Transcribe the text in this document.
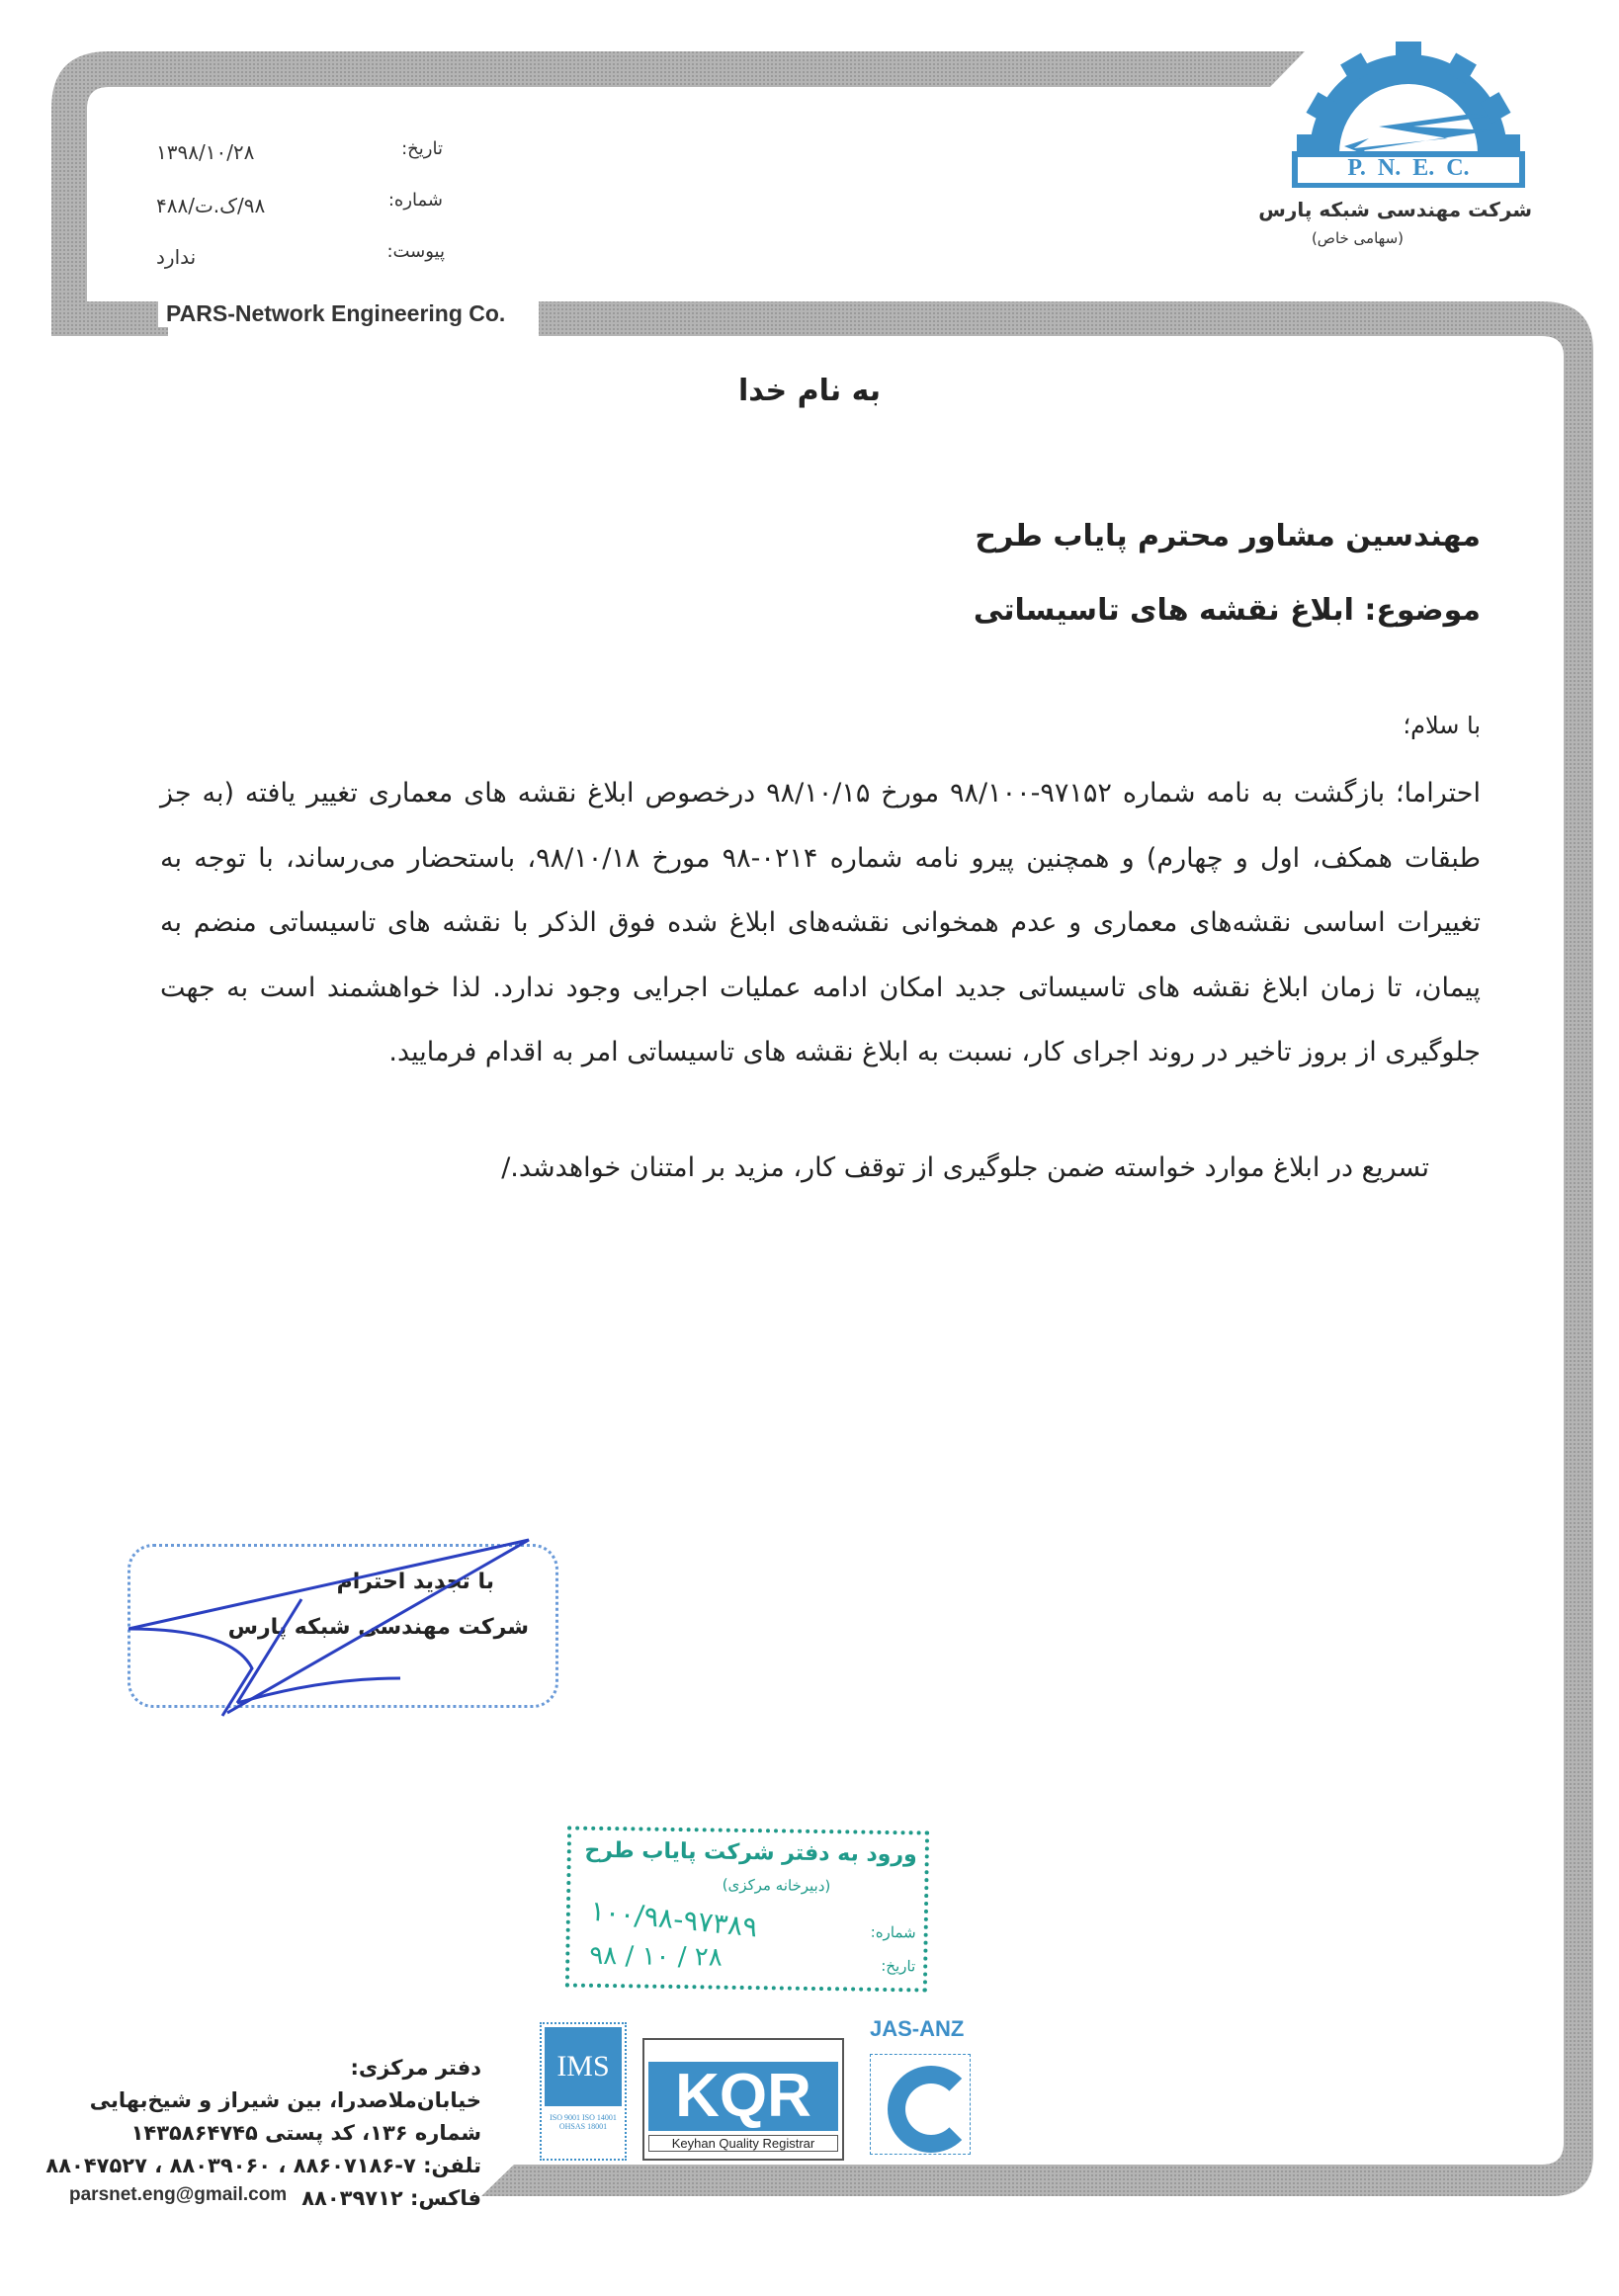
تاریخ:
۱۳۹۸/۱۰/۲۸
شماره:
۹۸/ک.ت/۴۸۸
پیوست:
ندارد
PARS-Network Engineering Co.
P.  N.  E.  C.
شرکت مهندسی شبکه پارس
(سهامی خاص)
به نام خدا
مهندسین مشاور محترم پایاب طرح
موضوع: ابلاغ نقشه های تاسیساتی
با سلام؛
احتراما؛ بازگشت به نامه شماره ۹۷۱۵۲-۹۸/۱۰۰ مورخ ۹۸/۱۰/۱۵ درخصوص ابلاغ نقشه های معماری تغییر یافته (به جز طبقات همکف، اول و چهارم) و همچنین پیرو نامه شماره ۰۲۱۴-۹۸ مورخ ۹۸/۱۰/۱۸، باستحضار می‌رساند، با توجه به تغییرات اساسی نقشه‌های معماری و عدم همخوانی نقشه‌های ابلاغ شده فوق الذکر با نقشه های تاسیساتی منضم به پیمان، تا زمان ابلاغ نقشه های تاسیساتی جدید امکان ادامه عملیات اجرایی وجود ندارد. لذا خواهشمند است به جهت جلوگیری از بروز تاخیر در روند اجرای کار، نسبت به ابلاغ نقشه های تاسیساتی امر به اقدام فرمایید.
تسریع در ابلاغ موارد خواسته ضمن جلوگیری از توقف کار، مزید بر امتنان خواهدشد./
با تجدید احترام
شرکت مهندسی شبکه پارس
ورود به دفتر شرکت پایاب طرح
(دبیرخانه مرکزی)
شماره:
۱۰۰/۹۸-۹۷۳۸۹
تاریخ:
۹۸ / ۱۰ / ۲۸
IMS
ISO 9001 ISO 14001 OHSAS 18001	KQR
Keyhan Quality Registrar
JAS-ANZ
دفتر مرکزی:
خیابان‌ملاصدرا، بین شیراز و شیخ‌بهایی
شماره ۱۳۶، کد پستی ۱۴۳۵۸۶۴۷۴۵
تلفن: ۷-۸۸۶۰۷۱۸۶ ، ۸۸۰۳۹۰۶۰ ، ۸۸۰۴۷۵۲۷
فاکس: ۸۸۰۳۹۷۱۲
parsnet.eng@gmail.com
